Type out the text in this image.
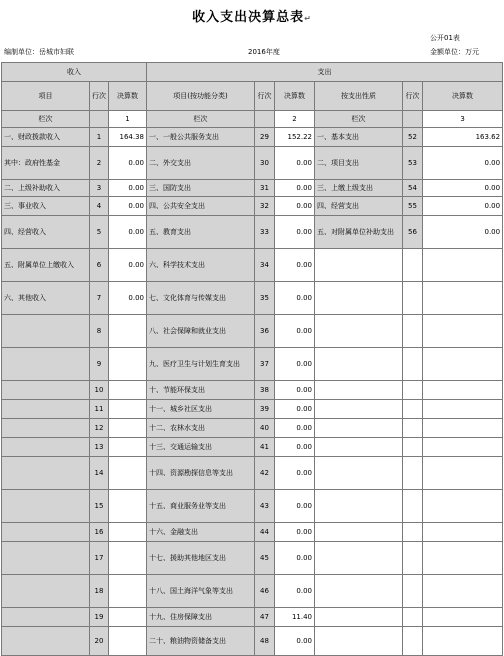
收入支出决算总表↵
公开01表
编制单位：岳城市妇联	2016年度	金额单位：万元
收入			支出					
项目	行次	决算数	项目(按功能分类)	行次	决算数	按支出性质	行次	决算数
栏次		1	栏次		2	栏次		3
一、财政拨款收入	1	164.38	一、一般公共服务支出	29	152.22	一、基本支出	52	163.62
其中：政府性基金	2	0.00	二、外交支出	30	0.00	二、项目支出	53	0.00
二、上级补助收入	3	0.00	三、国防支出	31	0.00	三、上缴上级支出	54	0.00
三、事业收入	4	0.00	四、公共安全支出	32	0.00	四、经营支出	55	0.00
四、经营收入	5	0.00	五、教育支出	33	0.00	五、对附属单位补助支出	56	0.00
五、附属单位上缴收入	6	0.00	六、科学技术支出	34	0.00			
六、其他收入	7	0.00	七、文化体育与传媒支出	35	0.00			
	8		八、社会保障和就业支出	36	0.00			
	9		九、医疗卫生与计划生育支出	37	0.00			
	10		十、节能环保支出	38	0.00			
	11		十一、城乡社区支出	39	0.00			
	12		十二、农林水支出	40	0.00			
	13		十三、交通运输支出	41	0.00			
	14		十四、资源勘探信息等支出	42	0.00			
	15		十五、商业服务业等支出	43	0.00			
	16		十六、金融支出	44	0.00			
	17		十七、援助其他地区支出	45	0.00			
	18		十八、国土海洋气象等支出	46	0.00			
	19		十九、住房保障支出	47	11.40			
	20		二十、粮油物资储备支出	48	0.00			
